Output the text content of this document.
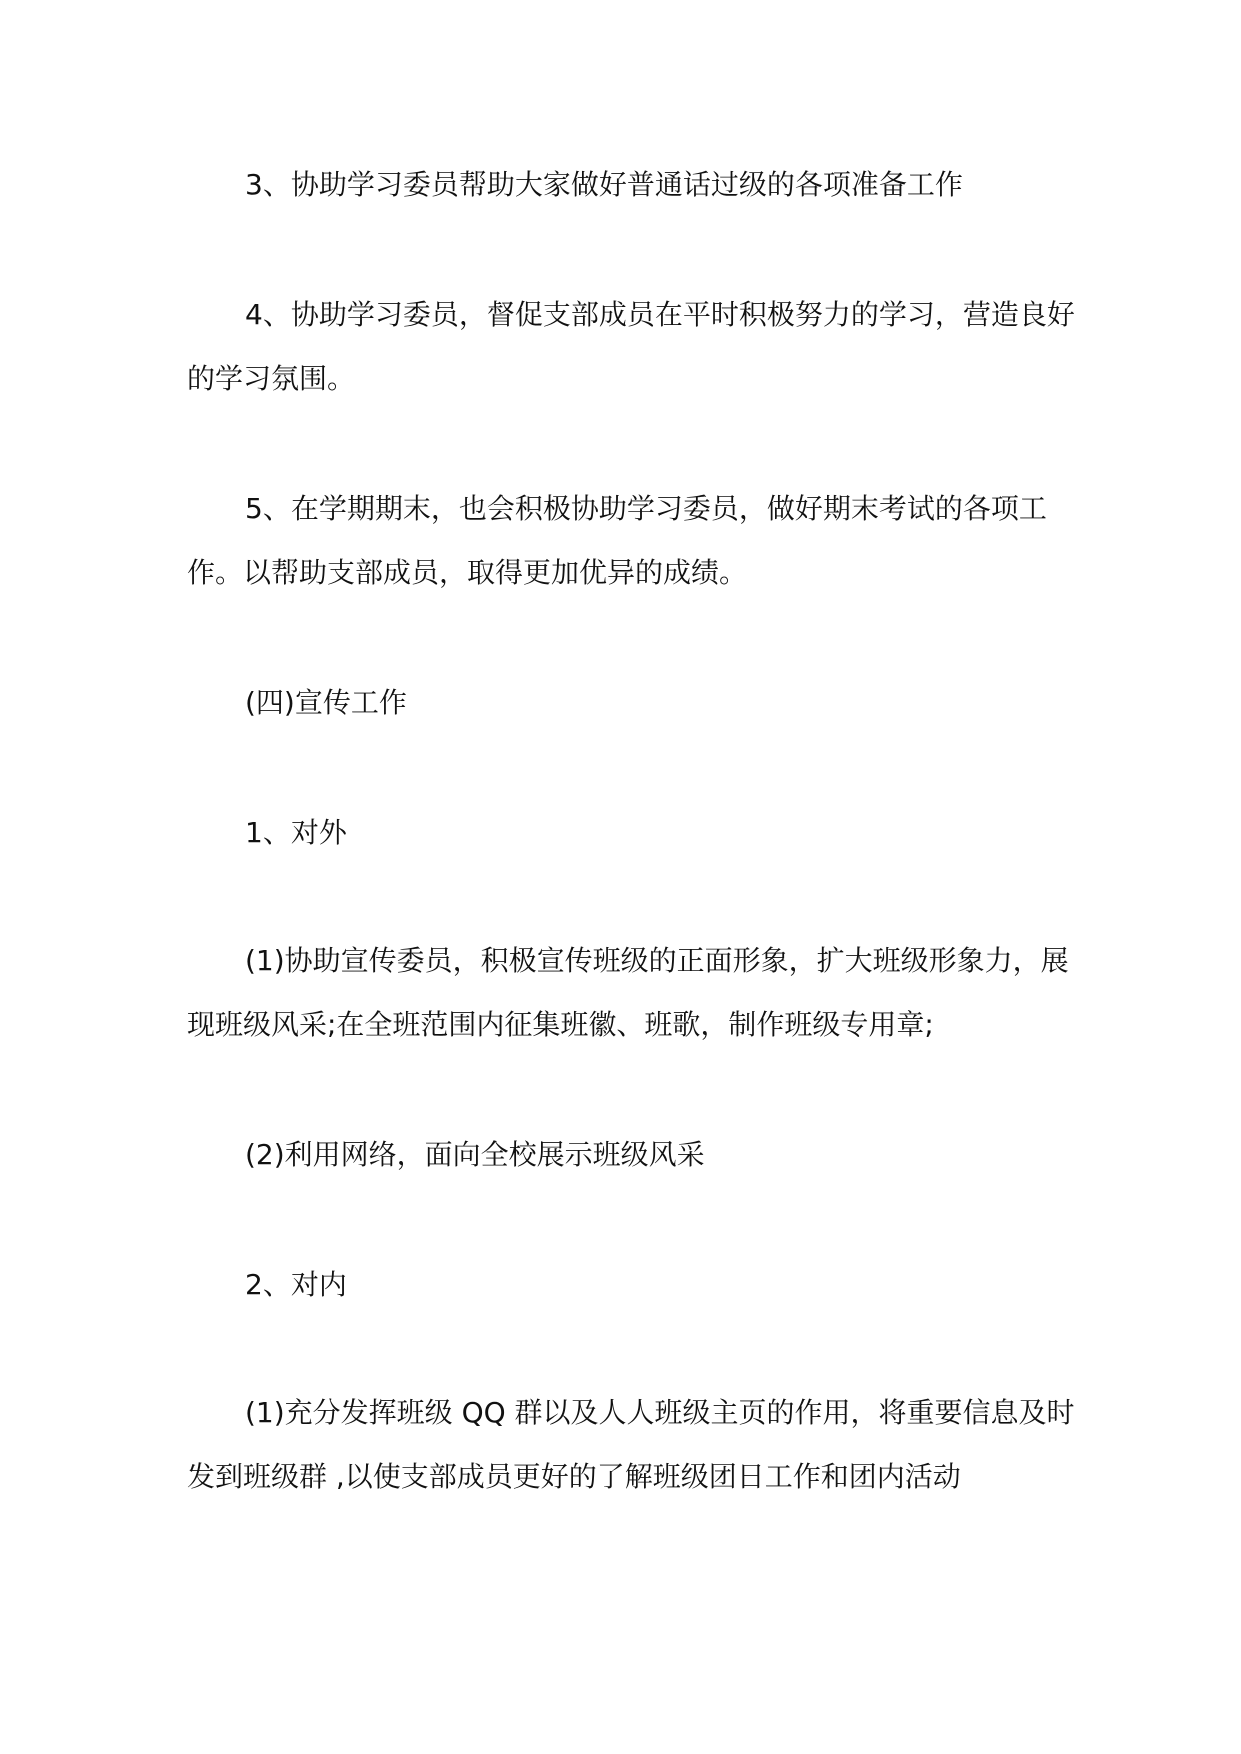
3、协助学习委员帮助大家做好普通话过级的各项准备工作

4、协助学习委员，督促支部成员在平时积极努力的学习，营造良好的学习氛围。

5、在学期期末，也会积极协助学习委员，做好期末考试的各项工作。以帮助支部成员，取得更加优异的成绩。

(四)宣传工作

1、对外

(1)协助宣传委员，积极宣传班级的正面形象，扩大班级形象力，展现班级风采;在全班范围内征集班徽、班歌，制作班级专用章;

(2)利用网络，面向全校展示班级风采

2、对内

(1)充分发挥班级 QQ 群以及人人班级主页的作用，将重要信息及时发到班级群 ,以使支部成员更好的了解班级团日工作和团内活动
